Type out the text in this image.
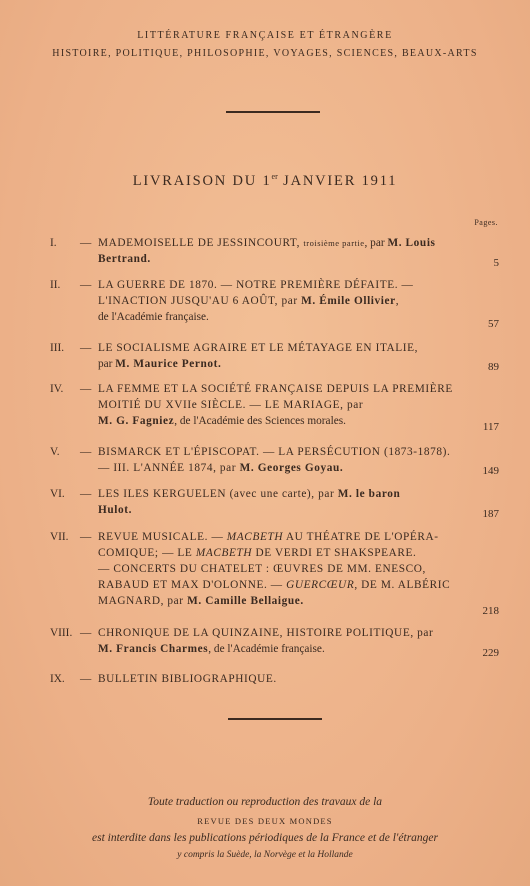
LITTÉRATURE FRANÇAISE ET ÉTRANGÈRE
HISTOIRE, POLITIQUE, PHILOSOPHIE, VOYAGES, SCIENCES, BEAUX-ARTS
LIVRAISON DU 1er JANVIER 1911
Pages.
I. — MADEMOISELLE DE JESSINCOURT, troisième partie, par M. Louis
Bertrand.	5
II. — LA GUERRE DE 1870. — NOTRE PREMIÈRE DÉFAITE. —
L'INACTION JUSQU'AU 6 AOÛT, par M. Émile Ollivier,
de l'Académie française.
57
III. — LE SOCIALISME AGRAIRE ET LE MÉTAYAGE EN ITALIE,
par M. Maurice Pernot.	89
IV. — LA FEMME ET LA SOCIÉTÉ FRANÇAISE DEPUIS LA PREMIÈRE
MOITIÉ DU XVIIe SIÈCLE. — LE MARIAGE, par
M. G. Fagniez, de l'Académie des Sciences morales.	117
V. — BISMARCK ET L'ÉPISCOPAT. — LA PERSÉCUTION (1873-1878).
— III. L'ANNÉE 1874, par M. Georges Goyau.	149
VI. — LES ILES KERGUELEN (avec une carte), par M. le baron
Hulot.	187
VII. — REVUE MUSICALE. — MACBETH AU THÉATRE DE L'OPÉRA-
COMIQUE; — LE MACBETH DE VERDI ET SHAKSPEARE.
— CONCERTS DU CHATELET : ŒUVRES DE MM. ENESCO,
RABAUD ET MAX D'OLONNE. — GUERCŒUR, DE M. ALBÉRIC
MAGNARD, par M. Camille Bellaigue.
218
VIII. — CHRONIQUE DE LA QUINZAINE, HISTOIRE POLITIQUE, par
M. Francis Charmes, de l'Académie française.	229
IX. — BULLETIN BIBLIOGRAPHIQUE.
Toute traduction ou reproduction des travaux de la
REVUE DES DEUX MONDES
est interdite dans les publications périodiques de la France et de l'étranger
y compris la Suède, la Norvège et la Hollande
